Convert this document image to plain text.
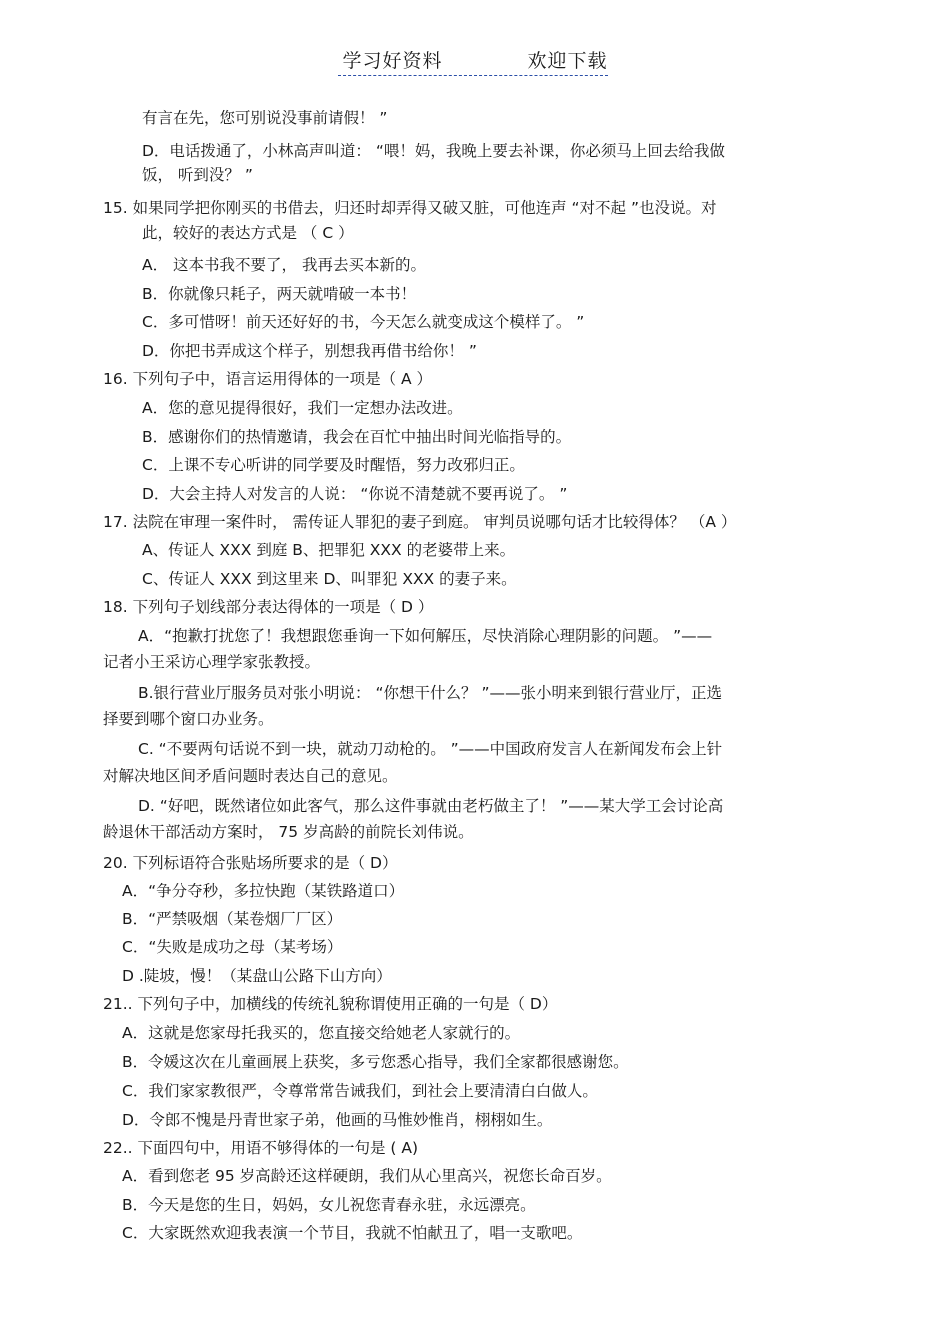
学习好资料	欢迎下载
有言在先，您可别说没事前请假！ ”
D．电话拨通了，小林高声叫道： “喂！妈，我晚上要去补课，你必须马上回去给我做
饭， 听到没？ ”
15. 如果同学把你刚买的书借去，归还时却弄得又破又脏，可他连声 “对不起 ”也没说。对
此，较好的表达方式是 （ C ）
A． 这本书我不要了， 我再去买本新的。
B．你就像只耗子，两天就啃破一本书！
C．多可惜呀！前天还好好的书，今天怎么就变成这个模样了。 ”
D．你把书弄成这个样子，别想我再借书给你！ ”
16. 下列句子中，语言运用得体的一项是（ A ）
A．您的意见提得很好，我们一定想办法改进。
B．感谢你们的热情邀请，我会在百忙中抽出时间光临指导的。
C．上课不专心听讲的同学要及时醒悟，努力改邪归正。
D．大会主持人对发言的人说： “你说不清楚就不要再说了。 ”
17. 法院在审理一案件时， 需传证人罪犯的妻子到庭。 审判员说哪句话才比较得体？ （A ）
A、传证人 XXX 到庭 B、把罪犯 XXX 的老婆带上来。
C、传证人 XXX 到这里来 D、叫罪犯 XXX 的妻子来。
18. 下列句子划线部分表达得体的一项是（ D ）
A．“抱歉打扰您了！我想跟您垂询一下如何解压，尽快消除心理阴影的问题。 ”——
记者小王采访心理学家张教授。
B.银行营业厅服务员对张小明说： “你想干什么？ ”——张小明来到银行营业厅，正选
择要到哪个窗口办业务。
C. “不要两句话说不到一块，就动刀动枪的。 ”——中国政府发言人在新闻发布会上针
对解决地区间矛盾问题时表达自己的意见。
D. “好吧，既然诸位如此客气，那么这件事就由老朽做主了！ ”——某大学工会讨论高
龄退休干部活动方案时， 75 岁高龄的前院长刘伟说。
20. 下列标语符合张贴场所要求的是（ D）
A．“争分夺秒，多拉快跑（某铁路道口）
B．“严禁吸烟（某卷烟厂厂区）
C．“失败是成功之母（某考场）
D .陡坡，慢！（某盘山公路下山方向）
21.. 下列句子中，加横线的传统礼貌称谓使用正确的一句是（ D）
A．这就是您家母托我买的，您直接交给她老人家就行的。
B．令媛这次在儿童画展上获奖，多亏您悉心指导，我们全家都很感谢您。
C．我们家家教很严，令尊常常告诫我们，到社会上要清清白白做人。
D．令郎不愧是丹青世家子弟，他画的马惟妙惟肖，栩栩如生。
22.. 下面四句中，用语不够得体的一句是 ( A)
A．看到您老 95 岁高龄还这样硬朗，我们从心里高兴，祝您长命百岁。
B．今天是您的生日，妈妈，女儿祝您青春永驻，永远漂亮。
C．大家既然欢迎我表演一个节目，我就不怕献丑了，唱一支歌吧。
